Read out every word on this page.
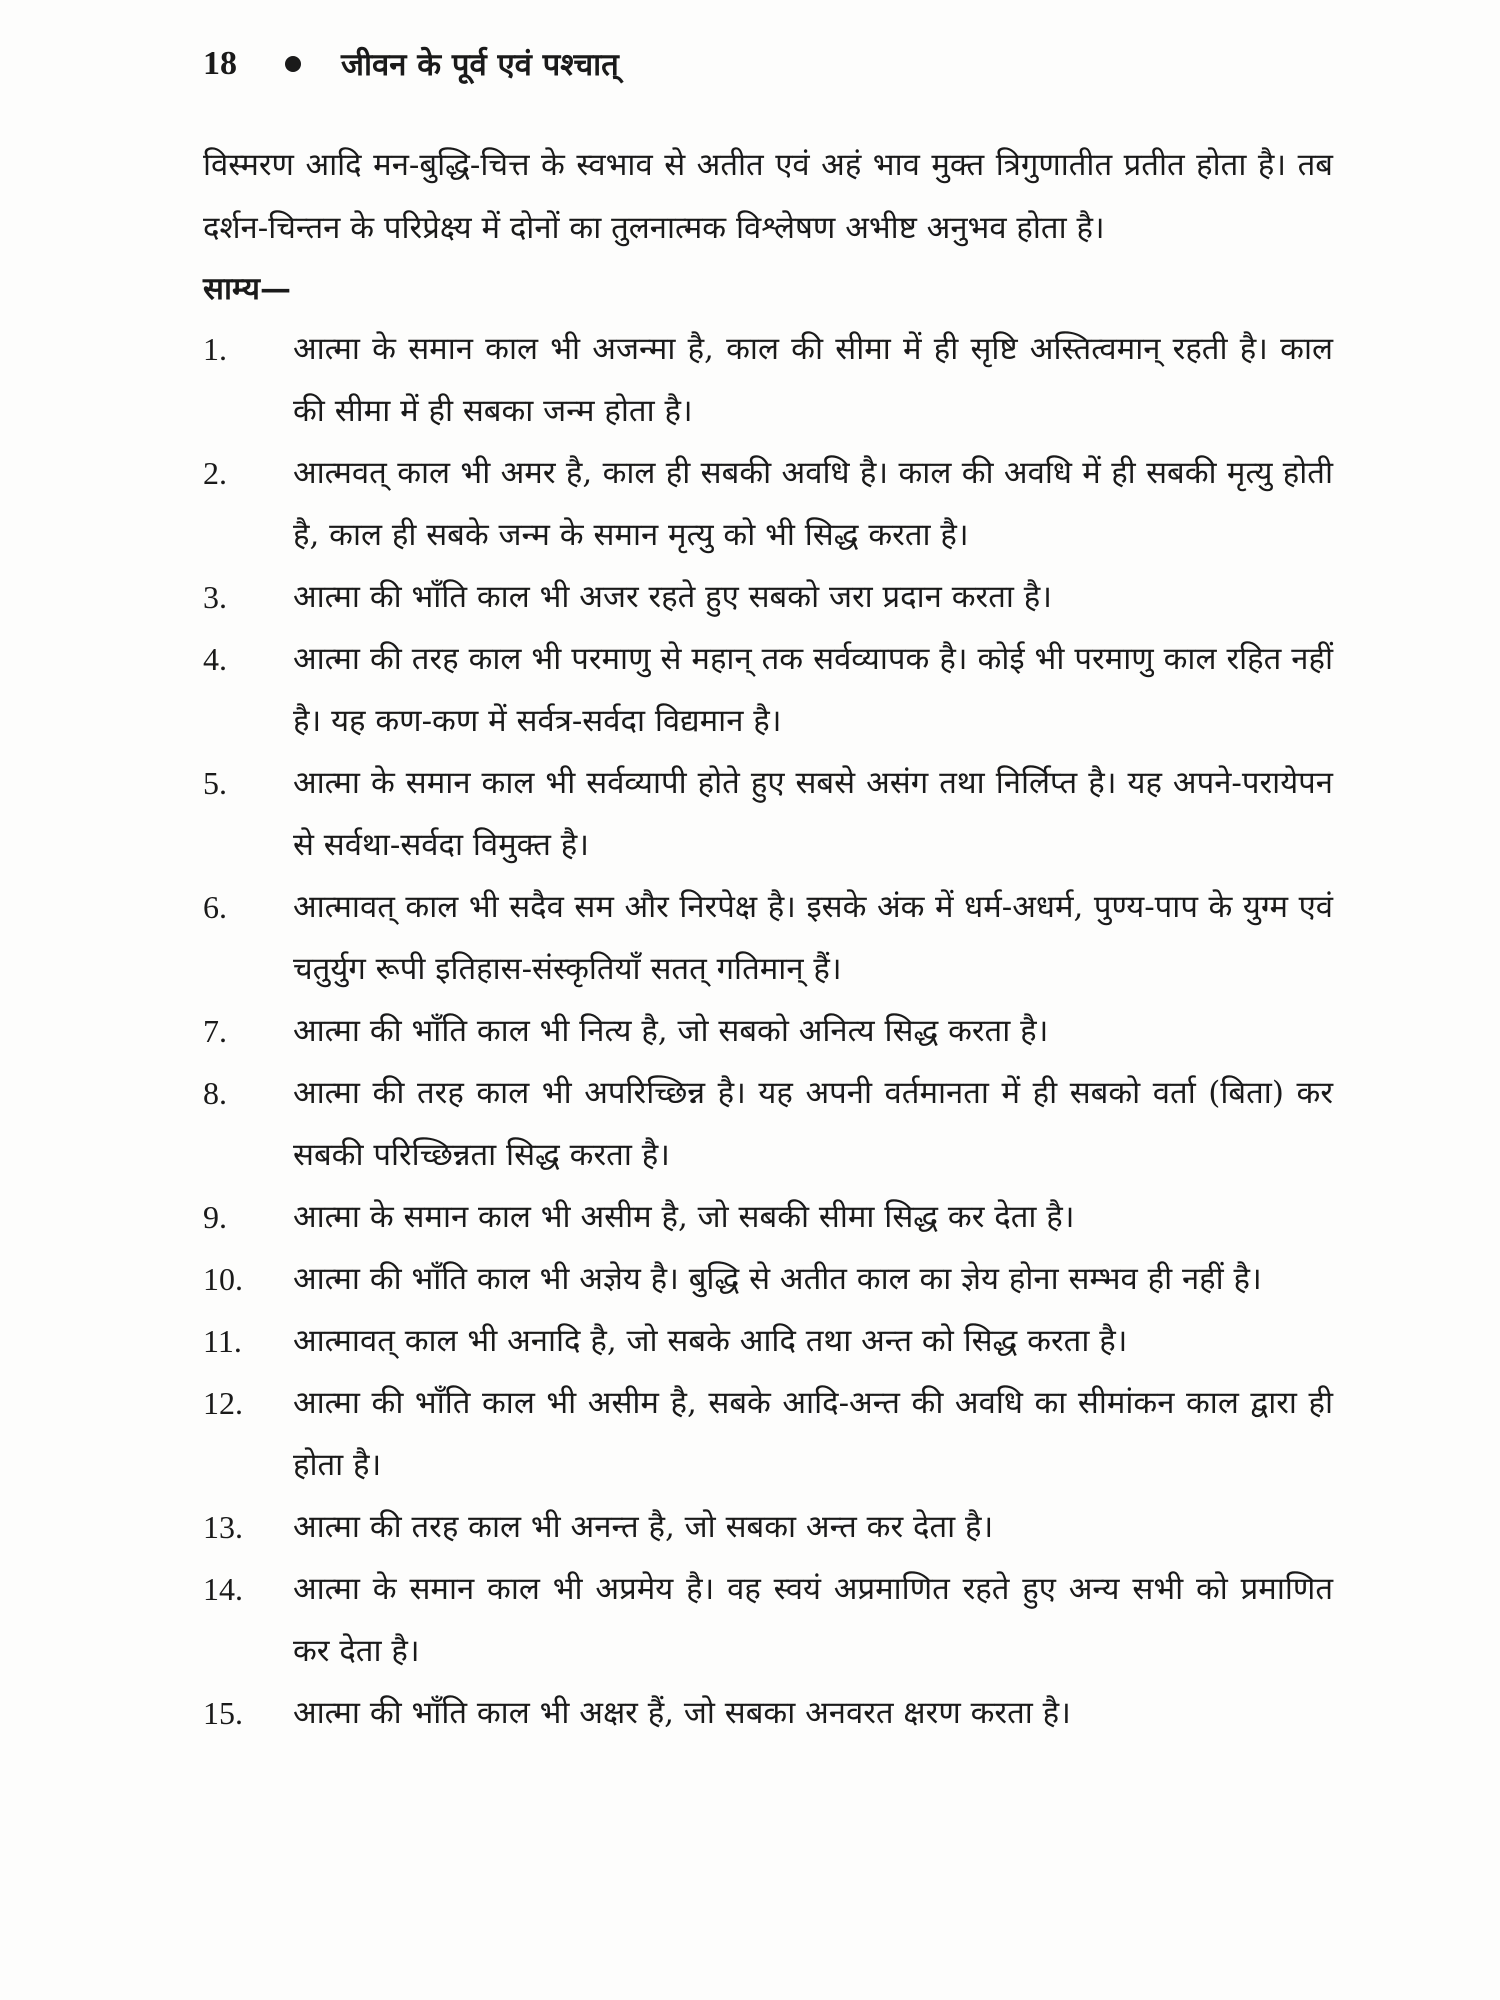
18	जीवन के पूर्व एवं पश्चात्

विस्मरण आदि मन-बुद्धि-चित्त के स्वभाव से अतीत एवं अहं भाव मुक्त त्रिगुणातीत प्रतीत होता है। तब दर्शन-चिन्तन के परिप्रेक्ष्य में दोनों का तुलनात्मक विश्लेषण अभीष्ट अनुभव होता है।

साम्य—

1.	आत्मा के समान काल भी अजन्मा है, काल की सीमा में ही सृष्टि अस्तित्वमान् रहती है। काल की सीमा में ही सबका जन्म होता है।
2.	आत्मवत् काल भी अमर है, काल ही सबकी अवधि है। काल की अवधि में ही सबकी मृत्यु होती है, काल ही सबके जन्म के समान मृत्यु को भी सिद्ध करता है।
3.	आत्मा की भाँति काल भी अजर रहते हुए सबको जरा प्रदान करता है।
4.	आत्मा की तरह काल भी परमाणु से महान् तक सर्वव्यापक है। कोई भी परमाणु काल रहित नहीं है। यह कण-कण में सर्वत्र-सर्वदा विद्यमान है।
5.	आत्मा के समान काल भी सर्वव्यापी होते हुए सबसे असंग तथा निर्लिप्त है। यह अपने-परायेपन से सर्वथा-सर्वदा विमुक्त है।
6.	आत्मावत् काल भी सदैव सम और निरपेक्ष है। इसके अंक में धर्म-अधर्म, पुण्य-पाप के युग्म एवं चतुर्युग रूपी इतिहास-संस्कृतियाँ सतत् गतिमान् हैं।
7.	आत्मा की भाँति काल भी नित्य है, जो सबको अनित्य सिद्ध करता है।
8.	आत्मा की तरह काल भी अपरिच्छिन्न है। यह अपनी वर्तमानता में ही सबको वर्ता (बिता) कर सबकी परिच्छिन्नता सिद्ध करता है।
9.	आत्मा के समान काल भी असीम है, जो सबकी सीमा सिद्ध कर देता है।
10.	आत्मा की भाँति काल भी अज्ञेय है। बुद्धि से अतीत काल का ज्ञेय होना सम्भव ही नहीं है।
11.	आत्मावत् काल भी अनादि है, जो सबके आदि तथा अन्त को सिद्ध करता है।
12.	आत्मा की भाँति काल भी असीम है, सबके आदि-अन्त की अवधि का सीमांकन काल द्वारा ही होता है।
13.	आत्मा की तरह काल भी अनन्त है, जो सबका अन्त कर देता है।
14.	आत्मा के समान काल भी अप्रमेय है। वह स्वयं अप्रमाणित रहते हुए अन्य सभी को प्रमाणित कर देता है।
15.	आत्मा की भाँति काल भी अक्षर हैं, जो सबका अनवरत क्षरण करता है।
